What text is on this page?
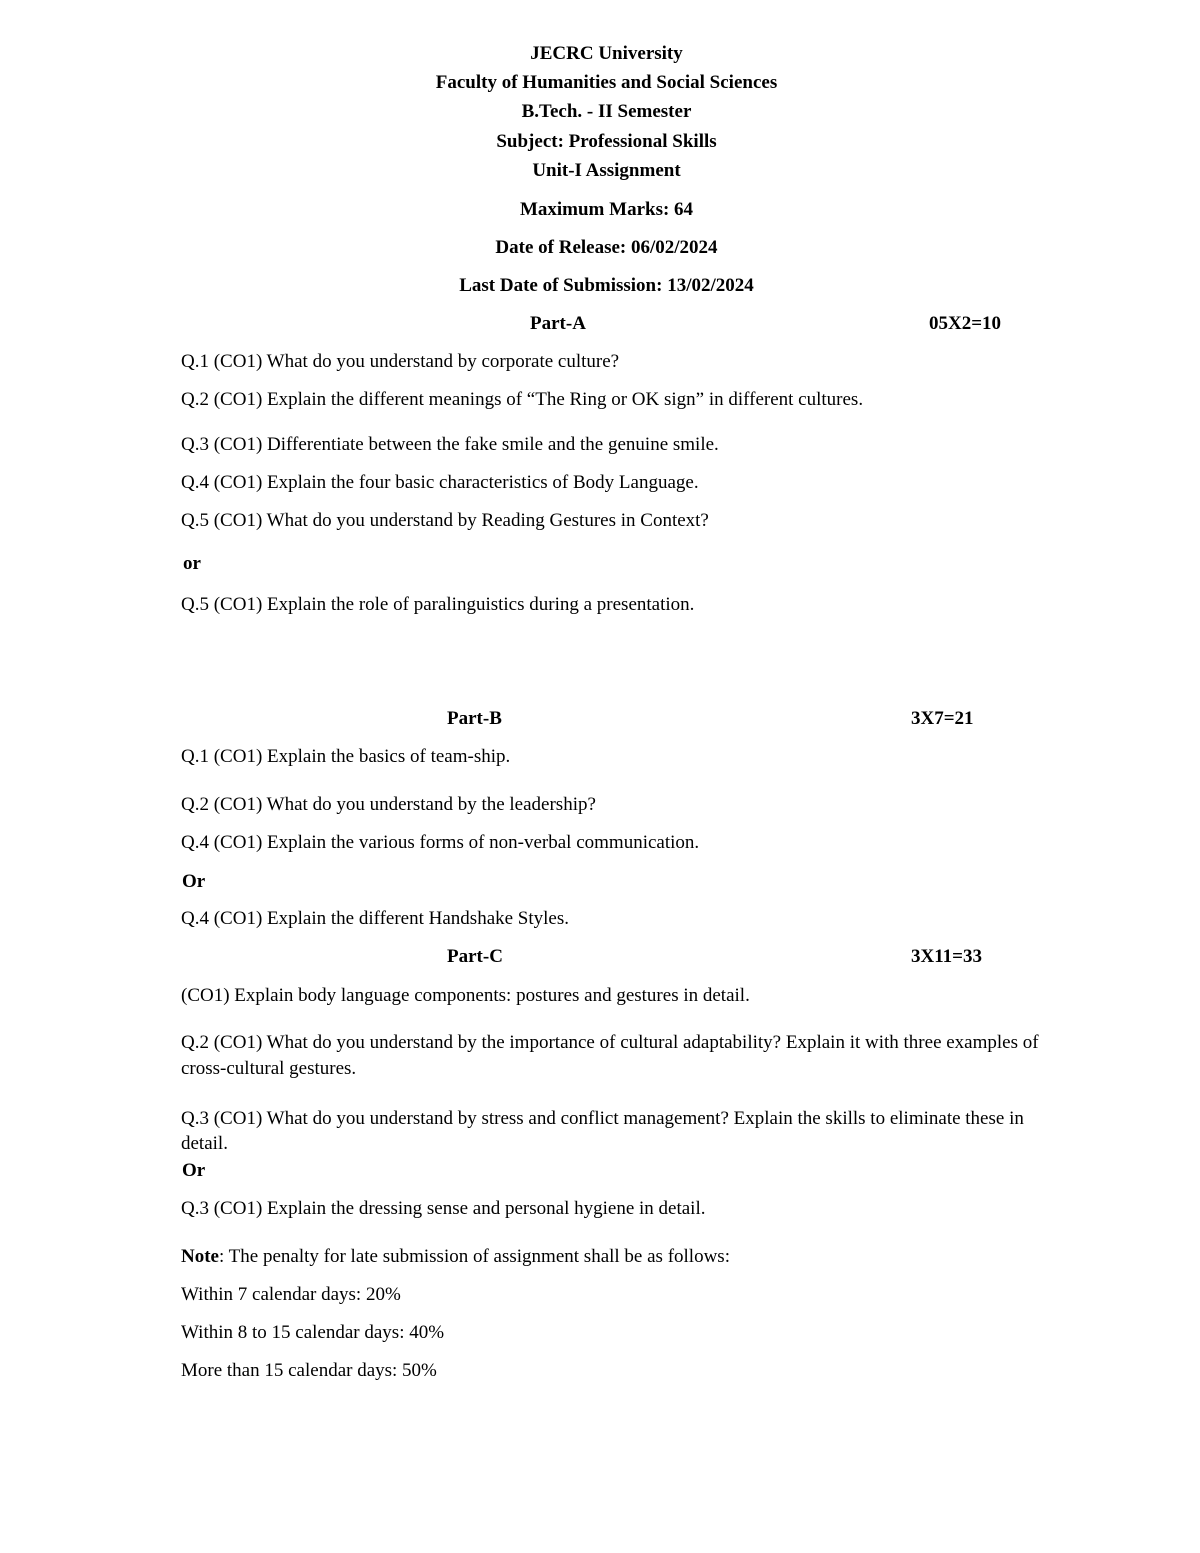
JECRC University
Faculty of Humanities and Social Sciences
B.Tech. - II Semester
Subject: Professional Skills
Unit-I Assignment
Maximum Marks: 64
Date of Release: 06/02/2024
Last Date of Submission: 13/02/2024
Part-A	05X2=10
Q.1 (CO1) What do you understand by corporate culture?
Q.2 (CO1) Explain the different meanings of “The Ring or OK sign” in different cultures.
Q.3 (CO1) Differentiate between the fake smile and the genuine smile.
Q.4 (CO1) Explain the four basic characteristics of Body Language.
Q.5 (CO1) What do you understand by Reading Gestures in Context?
or
Q.5 (CO1) Explain the role of paralinguistics during a presentation.
Part-B	3X7=21
Q.1 (CO1) Explain the basics of team-ship.
Q.2 (CO1) What do you understand by the leadership?
Q.4 (CO1) Explain the various forms of non-verbal communication.
Or
Q.4 (CO1) Explain the different Handshake Styles.
Part-C	3X11=33
(CO1) Explain body language components: postures and gestures in detail.
Q.2 (CO1) What do you understand by the importance of cultural adaptability? Explain it with three examples of cross-cultural gestures.
Q.3 (CO1) What do you understand by stress and conflict management? Explain the skills to eliminate these in detail.
Or
Q.3 (CO1) Explain the dressing sense and personal hygiene in detail.
Note: The penalty for late submission of assignment shall be as follows:
Within 7 calendar days: 20%
Within 8 to 15 calendar days: 40%
More than 15 calendar days: 50%
